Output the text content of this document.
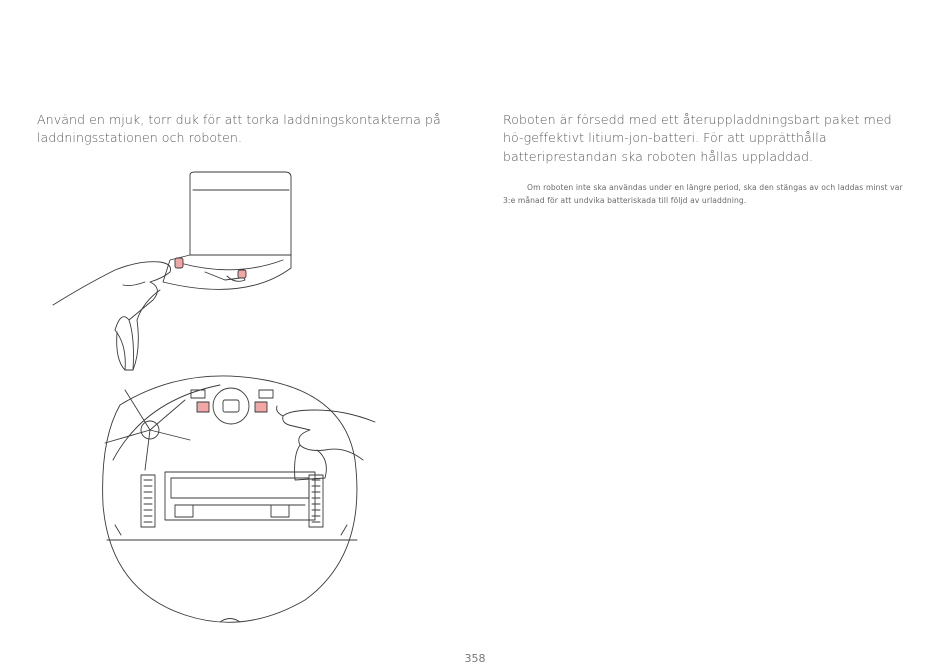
Använd en mjuk, torr duk för att torka laddningskontakterna på laddningsstationen och roboten.

Roboten är försedd med ett återuppladdningsbart paket med hö-geffektivt litium-jon-batteri. För att upprätthålla batteriprestandan ska roboten hållas uppladdad.

Om roboten inte ska användas under en längre period, ska den stängas av och laddas minst var 3:e månad för att undvika batteriskada till följd av urladdning.

358
